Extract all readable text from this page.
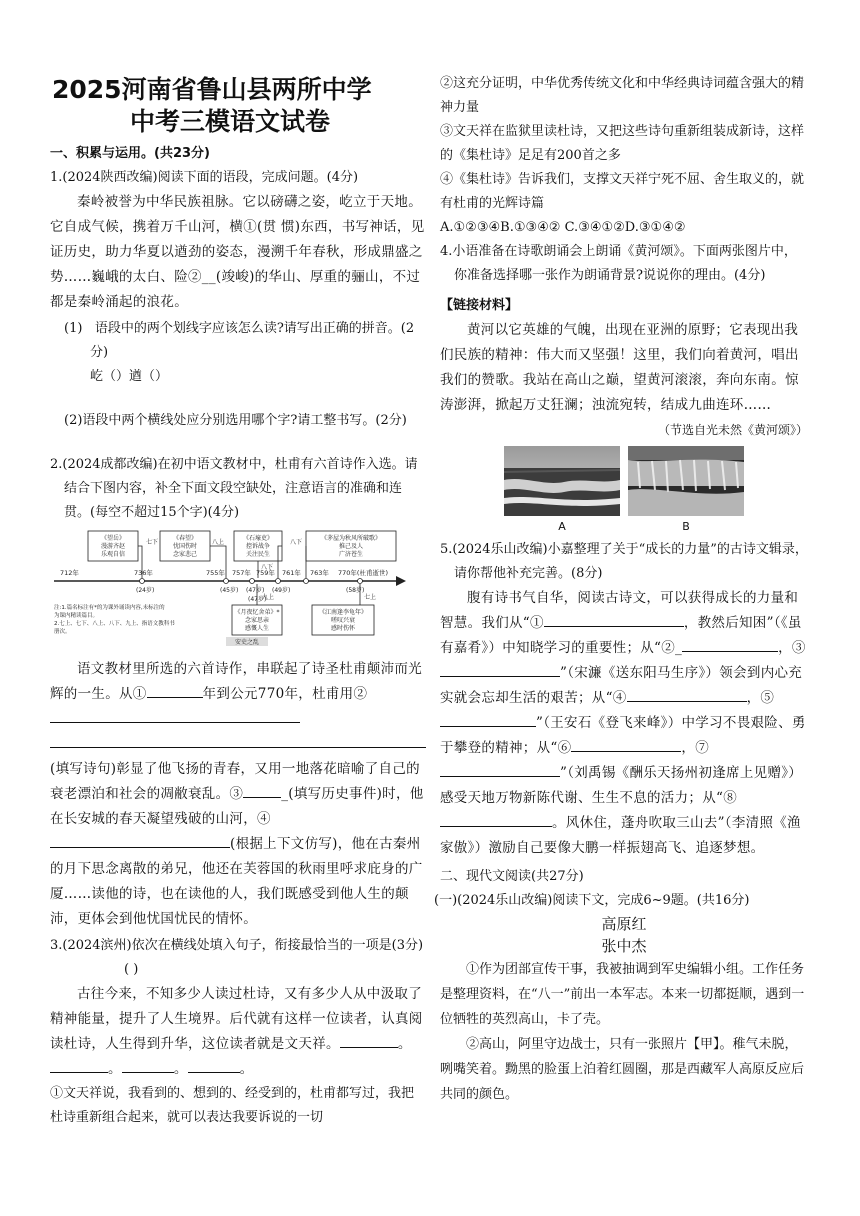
2025河南省鲁山县两所中学
中考三模语文试卷

一、积累与运用。(共23分)

1.(2024陕西改编)阅读下面的语段，完成问题。(4分)

秦岭被誉为中华民族祖脉。它以磅礴之姿，屹立于天地。它自成气候，携着万千山河，横①(贯 惯)东西，书写神话，见证历史，助力华夏以遒劲的姿态，漫溯千年春秋，形成鼎盛之势……巍峨的太白、险②__(竣峻)的华山、厚重的骊山，不过都是秦岭涌起的浪花。

(1) 语段中的两个划线字应该怎么读?请写出正确的拼音。(2分)

屹（）遒（）

(2)语段中两个横线处应分别选用哪个字?请工整书写。(2分)

2.(2024成都改编)在初中语文教材中，杜甫有六首诗作入选。请结合下图内容，补全下面文段空缺处，注意语言的准确和连贯。(每空不超过15个字)(4分)

712年	736年	755年 757年 759年 761年 763年 770年(杜甫逝世)
(24岁)	(45岁) (47岁) (49岁)	(58岁)
(47岁)
《望岳》
漫游齐赵
乐观自信
《春望》
忧国伤时
念家悲己
《石壕吏》
控诉战争
关注民生
《茅屋为秋风所破歌》
推己及人
广济苍生
《月夜忆舍弟》*
念家思亲
感慨人生
《江南逢李龟年》
嗟叹兴衰
感时伤怀
七下	八上
八下
八下
九上	七上
安史之乱
注:1.篇名标注有*的为课外诵读内容,未标注的
为课内精读篇目。
2.七上、七下、八上、八下、九上、指语文教科书
册次。

语文教材里所选的六首诗作，串联起了诗圣杜甫颠沛而光辉的一生。从①	年到公元770年，杜甫用②(填写诗句)彰显了他飞扬的青春，又用一地落花暗喻了自己的衰老漂泊和社会的凋敝衰乱。③	_(填写历史事件)时，他在长安城的春天凝望残破的山河，④(根据上下文仿写)，他在古秦州的月下思念离散的弟兄，他还在芙蓉国的秋雨里呼求庇身的广厦……读他的诗，也在读他的人，我们既感受到他人生的颠沛，更体会到他忧国忧民的情怀。

3.(2024滨州)依次在横线处填入句子，衔接最恰当的一项是(3分)( )

古往今来，不知多少人读过杜诗，又有多少人从中汲取了精神能量，提升了人生境界。后代就有这样一位读者，认真阅读杜诗，人生得到升华，这位读者就是文天祥。	。。	。	。

①文天祥说，我看到的、想到的、经受到的，杜甫都写过，我把杜诗重新组合起来，就可以表达我要诉说的一切

②这充分证明，中华优秀传统文化和中华经典诗词蕴含强大的精神力量

③文天祥在监狱里读杜诗，又把这些诗句重新组装成新诗，这样的《集杜诗》足足有200首之多

④《集杜诗》告诉我们，支撑文天祥宁死不屈、舍生取义的，就有杜甫的光辉诗篇

A.①②③④B.①③④② C.③④①②D.③①④②

4.小语准备在诗歌朗诵会上朗诵《黄河颂》。下面两张图片中，你准备选择哪一张作为朗诵背景?说说你的理由。(4分)

【链接材料】

黄河以它英雄的气魄，出现在亚洲的原野；它表现出我们民族的精神：伟大而又坚强！这里，我们向着黄河，唱出我们的赞歌。我站在高山之巅，望黄河滚滚，奔向东南。惊涛澎湃，掀起万丈狂澜；浊流宛转，结成九曲连环……

（节选自光未然《黄河颂》）

A	B

5.(2024乐山改编)小嘉整理了关于“成长的力量”的古诗文辑录，请你帮他补充完善。(8分)

腹有诗书气自华，阅读古诗文，可以获得成长的力量和智慧。我们从“①	，教然后知困”（《虽有嘉肴》）中知晓学习的重要性；从“②_	，③”（宋濂《送东阳马生序》）领会到内心充实就会忘却生活的艰苦；从“④	，⑤”（王安石《登飞来峰》）中学习不畏艰险、勇于攀登的精神；从“⑥	，⑦”（刘禹锡《酬乐天扬州初逢席上见赠》）感受天地万物新陈代谢、生生不息的活力；从“⑧。风休住，蓬舟吹取三山去”（李清照《渔家傲》）激励自己要像大鹏一样振翅高飞、追逐梦想。

二、现代文阅读(共27分)

(一)(2024乐山改编)阅读下文，完成6~9题。(共16分)

高原红

张中杰

①作为团部宣传干事，我被抽调到军史编辑小组。工作任务是整理资料，在“八一”前出一本军志。本来一切都挺顺，遇到一位牺牲的英烈高山，卡了壳。

②高山，阿里守边战士，只有一张照片【甲】。稚气未脱，咧嘴笑着。黝黑的脸蛋上泊着红圆圈，那是西藏军人高原反应后共同的颜色。
